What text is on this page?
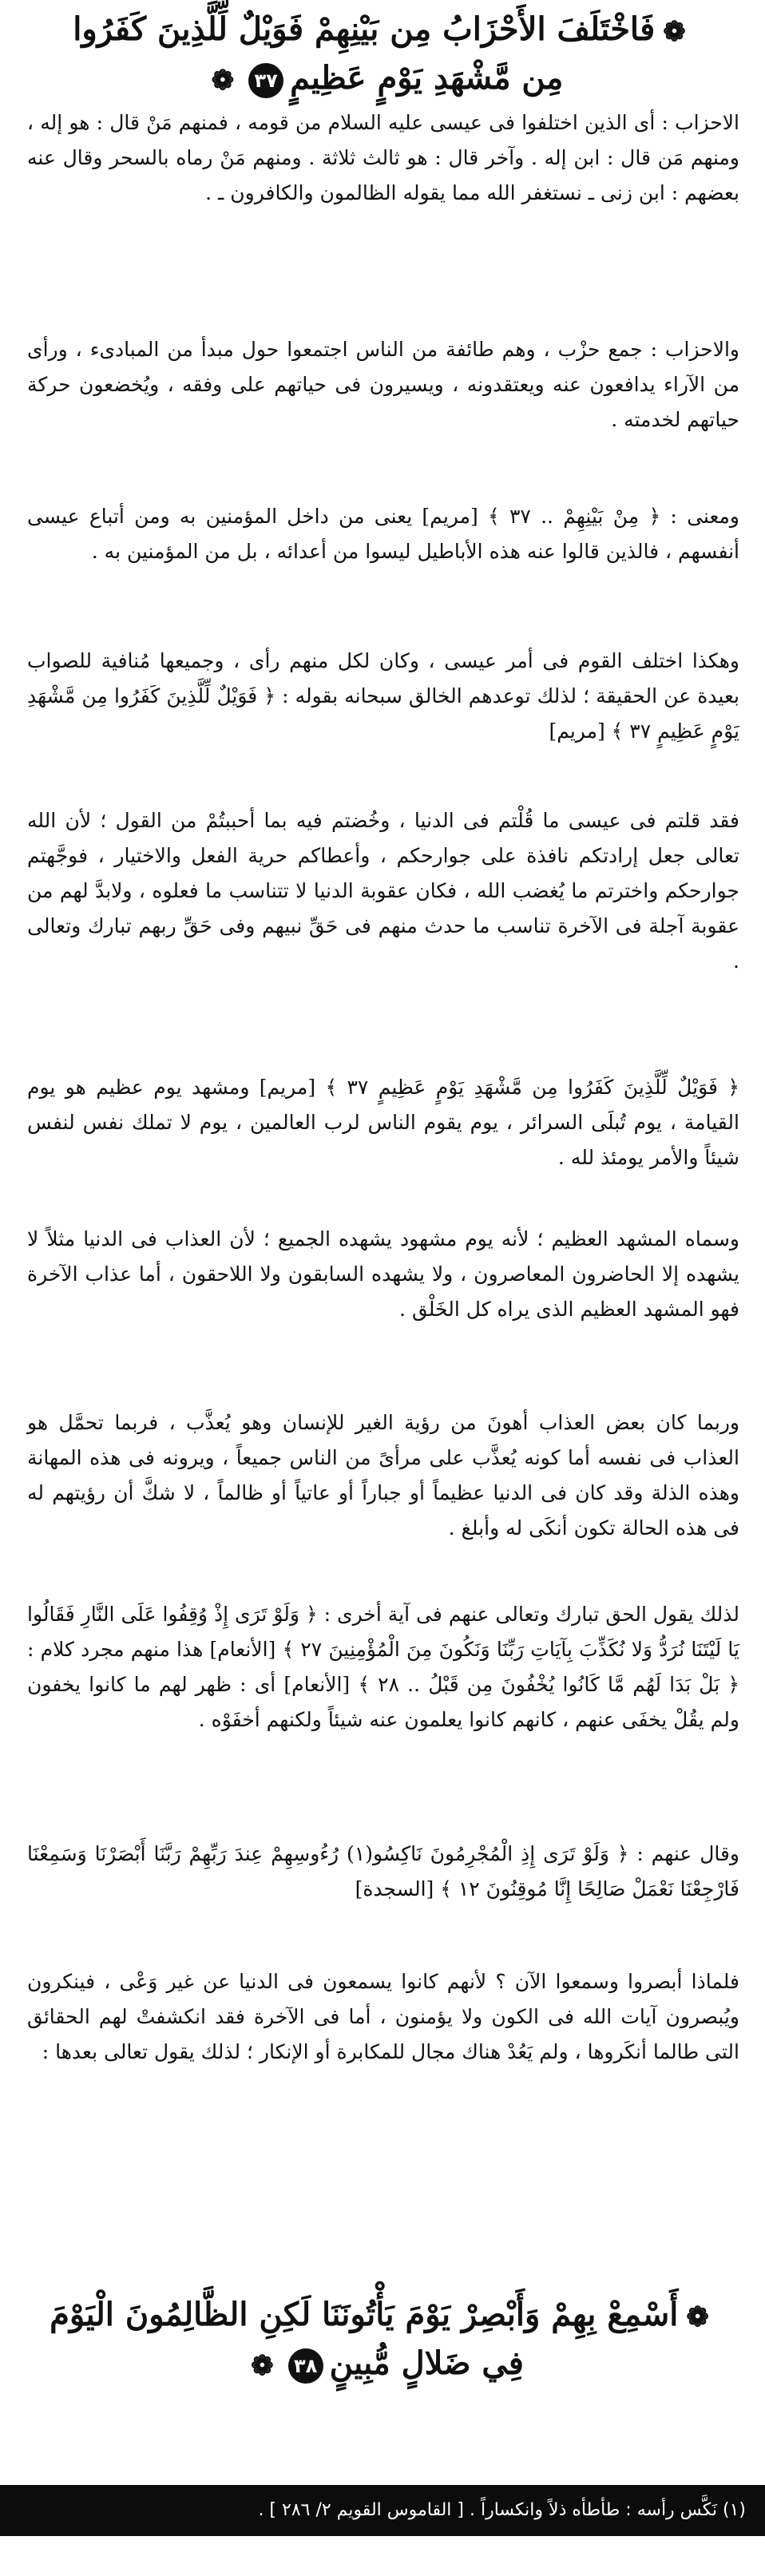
❁فَاخْتَلَفَ الأَحْزَابُ مِن بَيْنِهِمْ فَوَيْلٌ لِّلَّذِينَ كَفَرُوا
مِن مَّشْهَدِ يَوْمٍ عَظِيمٍ٣٧❁

الاحزاب : أى الذين اختلفوا فى عيسى عليه السلام من قومه ، فمنهم مَنْ قال : هو إله ، ومنهم مَن قال : ابن إله . وآخر قال : هو ثالث ثلاثة . ومنهم مَنْ رماه بالسحر وقال عنه بعضهم : ابن زنى ـ نستغفر الله مما يقوله الظالمون والكافرون ـ .

والاحزاب : جمع حزْب ، وهم طائفة من الناس اجتمعوا حول مبدأ من المبادىء ، ورأى من الآراء يدافعون عنه ويعتقدونه ، ويسيرون فى حياتهم على وفقه ، ويُخضعون حركة حياتهم لخدمته .

ومعنى : ﴿ مِنْ بَيْنِهِمْ .. ٣٧ ﴾ [مريم] يعنى من داخل المؤمنين به ومن أتباع عيسى أنفسهم ، فالذين قالوا عنه هذه الأباطيل ليسوا من أعدائه ، بل من المؤمنين به .

وهكذا اختلف القوم فى أمر عيسى ، وكان لكل منهم رأى ، وجميعها مُنافية للصواب بعيدة عن الحقيقة ؛ لذلك توعدهم الخالق سبحانه بقوله : ﴿ فَوَيْلٌ لِّلَّذِينَ كَفَرُوا مِن مَّشْهَدِ يَوْمٍ عَظِيمٍ ٣٧ ﴾ [مريم]

فقد قلتم فى عيسى ما قُلْتم فى الدنيا ، وخُضتم فيه بما أحببتُمْ من القول ؛ لأن الله تعالى جعل إرادتكم نافذة على جوارحكم ، وأعطاكم حرية الفعل والاختيار ، فوجَّهتم جوارحكم واخترتم ما يُغضب الله ، فكان عقوبة الدنيا لا تتناسب ما فعلوه ، ولابدَّ لهم من عقوبة آجلة فى الآخرة تناسب ما حدث منهم فى حَقِّ نبيهم وفى حَقِّ ربهم تبارك وتعالى .

﴿ فَوَيْلٌ لِّلَّذِينَ كَفَرُوا مِن مَّشْهَدِ يَوْمٍ عَظِيمٍ ٣٧ ﴾ [مريم] ومشهد يوم عظيم هو يوم القيامة ، يوم تُبلَى السرائر ، يوم يقوم الناس لرب العالمين ، يوم لا تملك نفس لنفس شيئاً والأمر يومئذ لله .

وسماه المشهد العظيم ؛ لأنه يوم مشهود يشهده الجميع ؛ لأن العذاب فى الدنيا مثلاً لا يشهده إلا الحاضرون المعاصرون ، ولا يشهده السابقون ولا اللاحقون ، أما عذاب الآخرة فهو المشهد العظيم الذى يراه كل الخَلْق .

وربما كان بعض العذاب أهونَ من رؤية الغير للإنسان وهو يُعذَّب ، فربما تحمَّل هو العذاب فى نفسه أما كونه يُعذَّب على مرأىً من الناس جميعاً ، ويرونه فى هذه المهانة وهذه الذلة وقد كان فى الدنيا عظيماً أو جباراً أو عاتياً أو ظالماً ، لا شكَّ أن رؤيتهم له فى هذه الحالة تكون أنكَى له وأبلغ .

لذلك يقول الحق تبارك وتعالى عنهم فى آية أخرى : ﴿ وَلَوْ تَرَى إِذْ وُقِفُوا عَلَى النَّارِ فَقَالُوا يَا لَيْتَنَا نُرَدُّ وَلا نُكَذِّبَ بِآيَاتِ رَبِّنَا وَنَكُونَ مِنَ الْمُؤْمِنِينَ ٢٧ ﴾ [الأنعام] هذا منهم مجرد كلام : ﴿ بَلْ بَدَا لَهُم مَّا كَانُوا يُخْفُونَ مِن قَبْلُ .. ٢٨ ﴾ [الأنعام] أى : ظهر لهم ما كانوا يخفون ولم يقُلْ يخفَى عنهم ، كانهم كانوا يعلمون عنه شيئاً ولكنهم أخفَوْه .

وقال عنهم : ﴿ وَلَوْ تَرَى إِذِ الْمُجْرِمُونَ نَاكِسُو(١) رُءُوسِهِمْ عِندَ رَبِّهِمْ رَبَّنَا أَبْصَرْنَا وَسَمِعْنَا فَارْجِعْنَا نَعْمَلْ صَالِحًا إِنَّا مُوقِنُونَ ١٢ ﴾ [السجدة]

فلماذا أبصروا وسمعوا الآن ؟ لأنهم كانوا يسمعون فى الدنيا عن غير وَعْى ، فينكرون ويُبصرون آيات الله فى الكون ولا يؤمنون ، أما فى الآخرة فقد انكشفتْ لهم الحقائق التى طالما أنكَروها ، ولم يَعُدْ هناك مجال للمكابرة أو الإنكار ؛ لذلك يقول تعالى بعدها :

❁أَسْمِعْ بِهِمْ وَأَبْصِرْ يَوْمَ يَأْتُونَنَا لَكِنِ الظَّالِمُونَ الْيَوْمَ
فِي ضَلالٍ مُّبِينٍ٣٨❁
(١) نَكَّس رأسه : طأطأه ذلاً وانكساراً . [ القاموس القويم ٢/ ٢٨٦ ] .
